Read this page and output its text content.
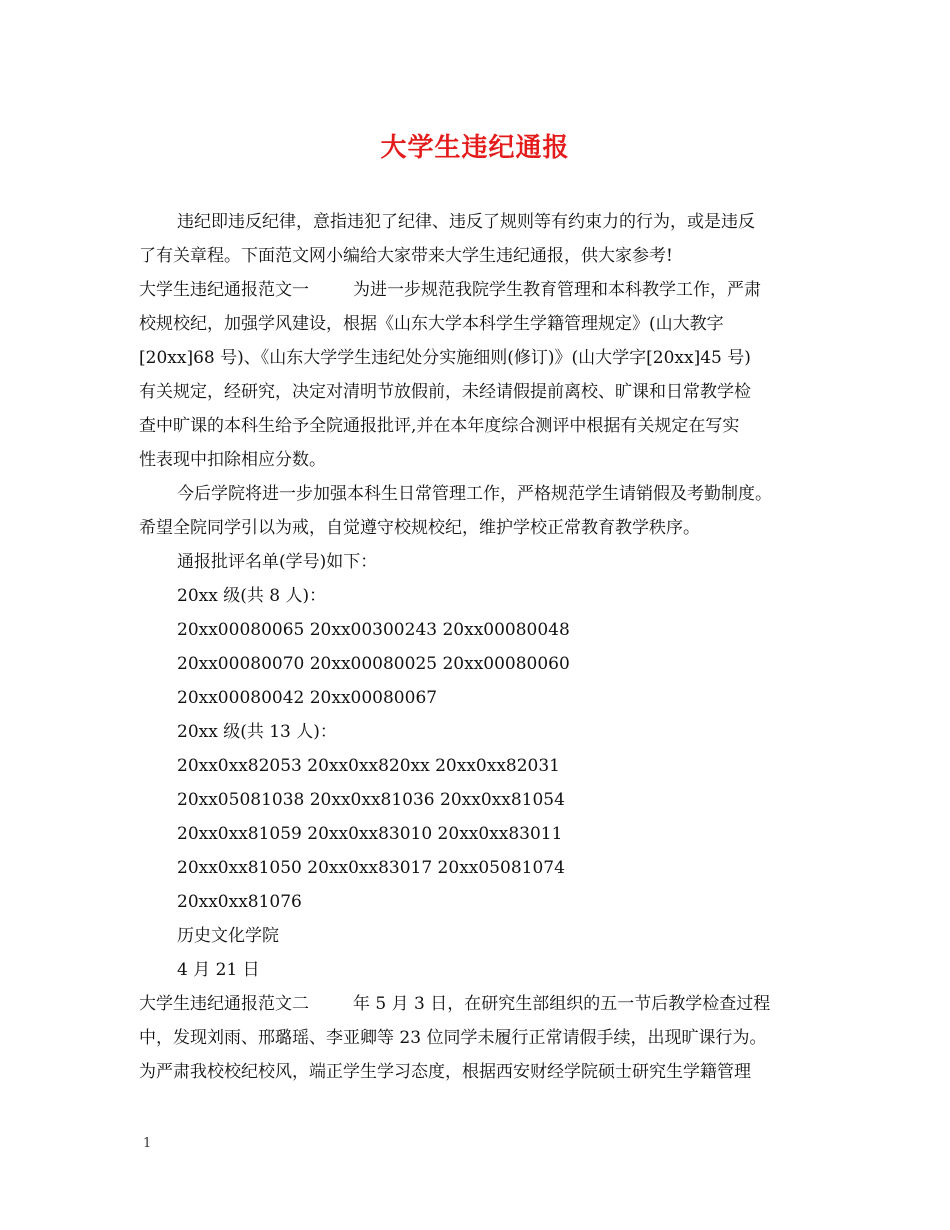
大学生违纪通报
违纪即违反纪律，意指违犯了纪律、违反了规则等有约束力的行为，或是违反
了有关章程。下面范文网小编给大家带来大学生违纪通报，供大家参考!
大学生违纪通报范文一	为进一步规范我院学生教育管理和本科教学工作，严肃
校规校纪，加强学风建设，根据《山东大学本科学生学籍管理规定》(山大教字
[20xx]68 号)、《山东大学学生违纪处分实施细则(修订)》(山大学字[20xx]45 号)
有关规定，经研究，决定对清明节放假前，未经请假提前离校、旷课和日常教学检
查中旷课的本科生给予全院通报批评,并在本年度综合测评中根据有关规定在写实
性表现中扣除相应分数。
今后学院将进一步加强本科生日常管理工作，严格规范学生请销假及考勤制度。
希望全院同学引以为戒，自觉遵守校规校纪，维护学校正常教育教学秩序。
通报批评名单(学号)如下：
20xx 级(共 8 人)：
20xx00080065 20xx00300243 20xx00080048
20xx00080070 20xx00080025 20xx00080060
20xx00080042 20xx00080067
20xx 级(共 13 人)：
20xx0xx82053 20xx0xx820xx 20xx0xx82031
20xx05081038 20xx0xx81036 20xx0xx81054
20xx0xx81059 20xx0xx83010 20xx0xx83011
20xx0xx81050 20xx0xx83017 20xx05081074
20xx0xx81076
历史文化学院
4 月 21 日
大学生违纪通报范文二	年 5 月 3 日，在研究生部组织的五一节后教学检查过程
中，发现刘雨、邢璐瑶、李亚卿等 23 位同学未履行正常请假手续，出现旷课行为。
为严肃我校校纪校风，端正学生学习态度，根据西安财经学院硕士研究生学籍管理
1
